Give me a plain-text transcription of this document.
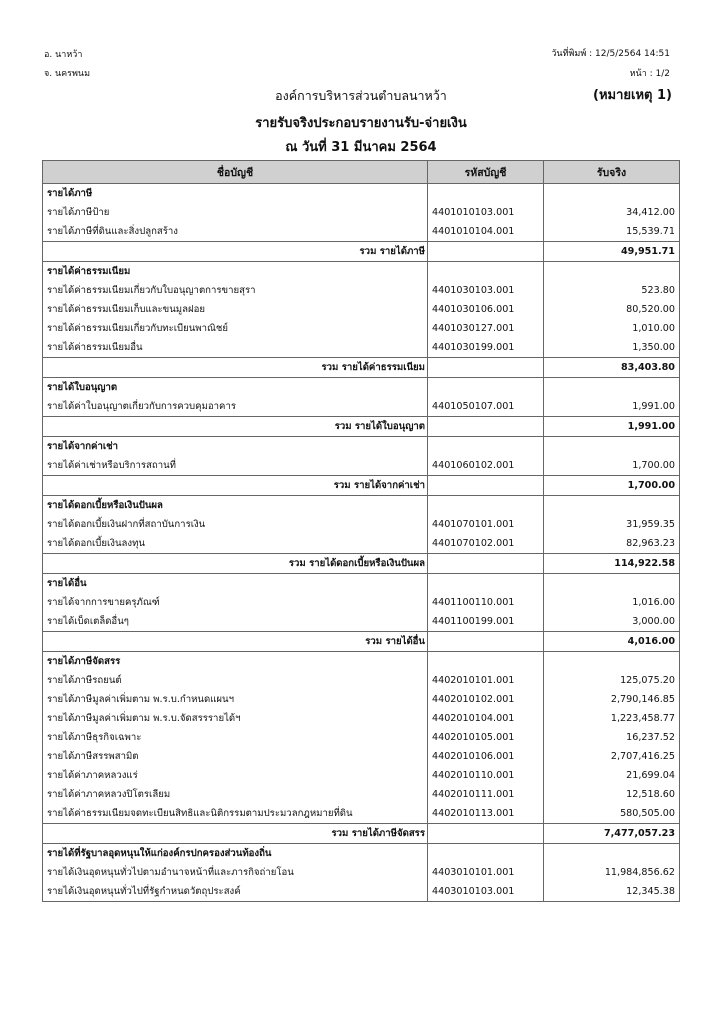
อ. นาหว้า
จ. นครพนม
วันที่พิมพ์ : 12/5/2564 14:51
หน้า : 1/2
องค์การบริหารส่วนตำบลนาหว้า	(หมายเหตุ 1)
รายรับจริงประกอบรายงานรับ-จ่ายเงิน
ณ วันที่ 31 มีนาคม 2564
ชื่อบัญชี	รหัสบัญชี	รับจริง
รายได้ภาษี		
รายได้ภาษีป้าย	4401010103.001	34,412.00
รายได้ภาษีที่ดินและสิ่งปลูกสร้าง	4401010104.001	15,539.71
รวม รายได้ภาษี		49,951.71
รายได้ค่าธรรมเนียม		
รายได้ค่าธรรมเนียมเกี่ยวกับใบอนุญาตการขายสุรา	4401030103.001	523.80
รายได้ค่าธรรมเนียมเก็บและขนมูลฝอย	4401030106.001	80,520.00
รายได้ค่าธรรมเนียมเกี่ยวกับทะเบียนพาณิชย์	4401030127.001	1,010.00
รายได้ค่าธรรมเนียมอื่น	4401030199.001	1,350.00
รวม รายได้ค่าธรรมเนียม		83,403.80
รายได้ใบอนุญาต		
รายได้ค่าใบอนุญาตเกี่ยวกับการควบคุมอาคาร	4401050107.001	1,991.00
รวม รายได้ใบอนุญาต		1,991.00
รายได้จากค่าเช่า		
รายได้ค่าเช่าหรือบริการสถานที่	4401060102.001	1,700.00
รวม รายได้จากค่าเช่า		1,700.00
รายได้ดอกเบี้ยหรือเงินปันผล		
รายได้ดอกเบี้ยเงินฝากที่สถาบันการเงิน	4401070101.001	31,959.35
รายได้ดอกเบี้ยเงินลงทุน	4401070102.001	82,963.23
รวม รายได้ดอกเบี้ยหรือเงินปันผล		114,922.58
รายได้อื่น		
รายได้จากการขายครุภัณฑ์	4401100110.001	1,016.00
รายได้เบ็ดเตล็ดอื่นๆ	4401100199.001	3,000.00
รวม รายได้อื่น		4,016.00
รายได้ภาษีจัดสรร		
รายได้ภาษีรถยนต์	4402010101.001	125,075.20
รายได้ภาษีมูลค่าเพิ่มตาม พ.ร.บ.กำหนดแผนฯ	4402010102.001	2,790,146.85
รายได้ภาษีมูลค่าเพิ่มตาม พ.ร.บ.จัดสรรรายได้ฯ	4402010104.001	1,223,458.77
รายได้ภาษีธุรกิจเฉพาะ	4402010105.001	16,237.52
รายได้ภาษีสรรพสามิต	4402010106.001	2,707,416.25
รายได้ค่าภาคหลวงแร่	4402010110.001	21,699.04
รายได้ค่าภาคหลวงปิโตรเลียม	4402010111.001	12,518.60
รายได้ค่าธรรมเนียมจดทะเบียนสิทธิและนิติกรรมตามประมวลกฎหมายที่ดิน	4402010113.001	580,505.00
รวม รายได้ภาษีจัดสรร		7,477,057.23
รายได้ที่รัฐบาลอุดหนุนให้แก่องค์กรปกครองส่วนท้องถิ่น		
รายได้เงินอุดหนุนทั่วไปตามอำนาจหน้าที่และภารกิจถ่ายโอน	4403010101.001	11,984,856.62
รายได้เงินอุดหนุนทั่วไปที่รัฐกำหนดวัตถุประสงค์	4403010103.001	12,345.38
